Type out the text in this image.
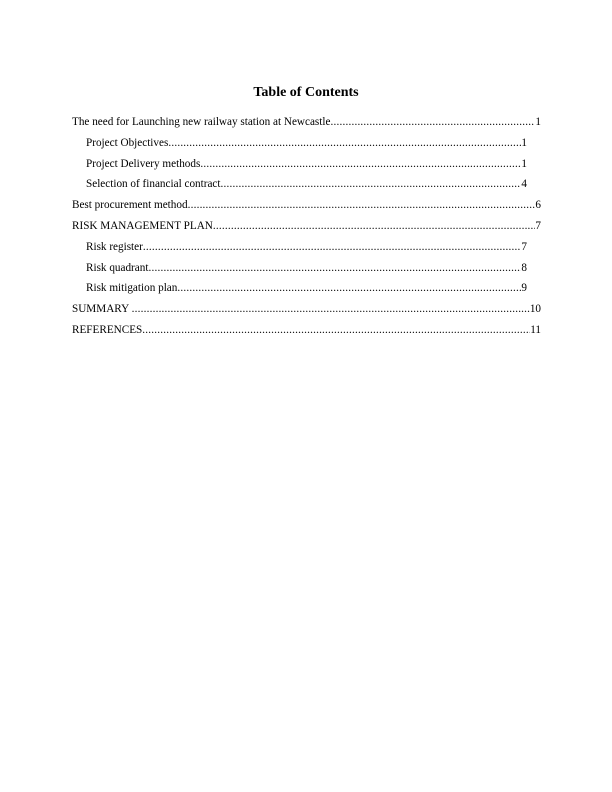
Table of Contents
The need for Launching new railway station at Newcastle .....	1
Project Objectives .....	1
Project Delivery methods .....	1
Selection of financial contract .....	4
Best procurement method .....	6
RISK MANAGEMENT PLAN .....	7
Risk register .....	7
Risk quadrant .....	8
Risk mitigation plan .....	9
SUMMARY .....	10
REFERENCES .....	11
